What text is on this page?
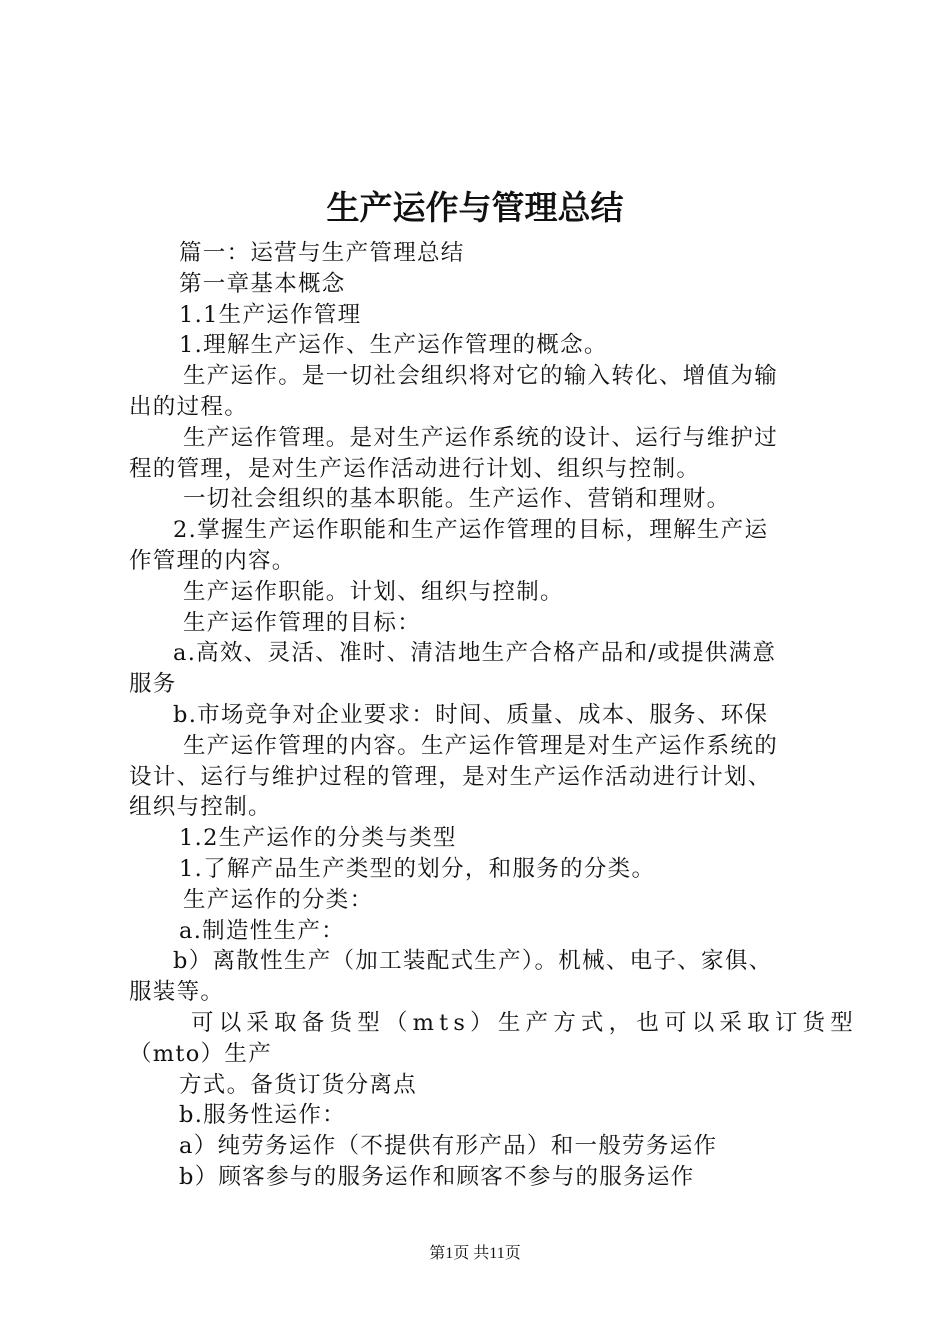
生产运作与管理总结
篇一：运营与生产管理总结
第一章基本概念
1.1生产运作管理
1.理解生产运作、生产运作管理的概念。
生产运作。是一切社会组织将对它的输入转化、增值为输
出的过程。
生产运作管理。是对生产运作系统的设计、运行与维护过
程的管理，是对生产运作活动进行计划、组织与控制。
一切社会组织的基本职能。生产运作、营销和理财。
2.掌握生产运作职能和生产运作管理的目标，理解生产运
作管理的内容。
生产运作职能。计划、组织与控制。
生产运作管理的目标：
a.高效、灵活、准时、清洁地生产合格产品和/或提供满意
服务
b.市场竞争对企业要求：时间、质量、成本、服务、环保
生产运作管理的内容。生产运作管理是对生产运作系统的
设计、运行与维护过程的管理，是对生产运作活动进行计划、
组织与控制。
1.2生产运作的分类与类型
1.了解产品生产类型的划分，和服务的分类。
生产运作的分类：
a.制造性生产：
b）离散性生产（加工装配式生产）。机械、电子、家俱、
服装等。
可以采取备货型（mts）生产方式，也可以采取订货型
（mto）生产
方式。备货订货分离点
b.服务性运作：
a）纯劳务运作（不提供有形产品）和一般劳务运作
b）顾客参与的服务运作和顾客不参与的服务运作
第1页 共11页
